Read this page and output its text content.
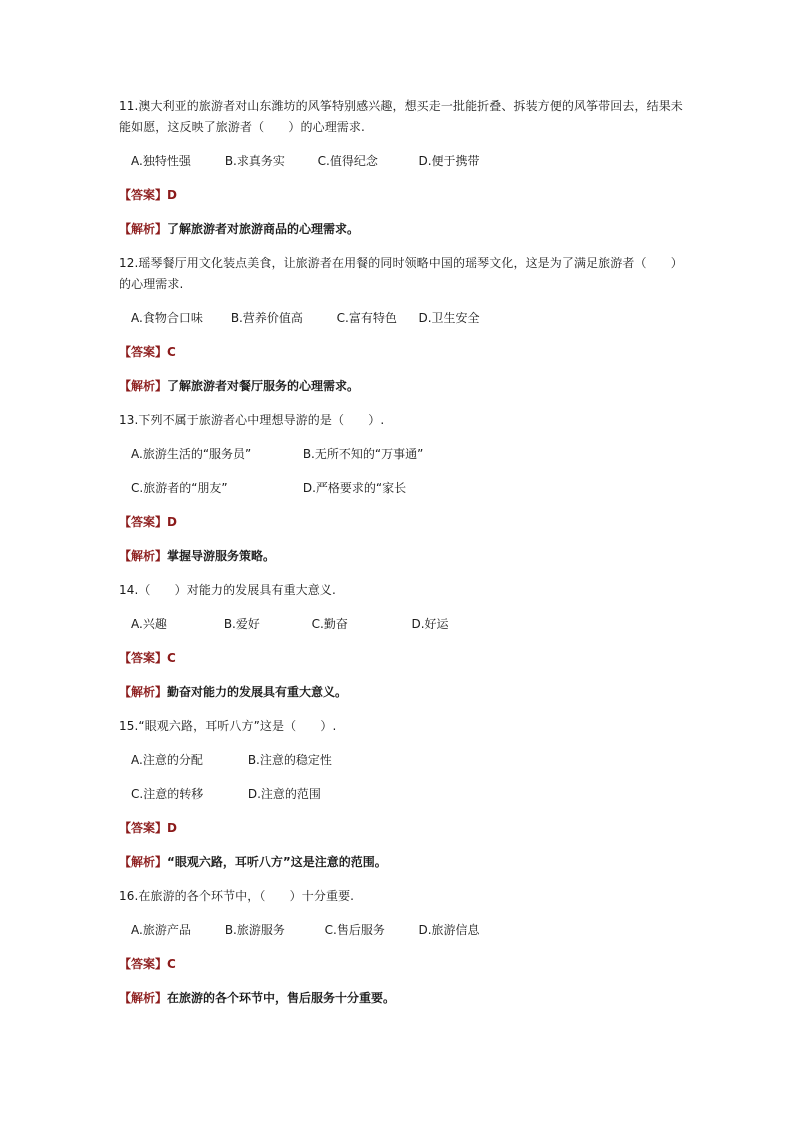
11.澳大利亚的旅游者对山东潍坊的风筝特别感兴趣，想买走一批能折叠、拆装方便的风筝带回去，结果未能如愿，这反映了旅游者（　　）的心理需求.

A.独特性强	B.求真务实	C.值得纪念	D.便于携带

【答案】D

【解析】了解旅游者对旅游商品的心理需求。

12.瑶琴餐厅用文化装点美食，让旅游者在用餐的同时领略中国的瑶琴文化，这是为了满足旅游者（　　）的心理需求.

A.食物合口味 B.营养价值高	C.富有特色 D.卫生安全

【答案】C

【解析】了解旅游者对餐厅服务的心理需求。

13.下列不属于旅游者心中理想导游的是（　　）.

A.旅游生活的“服务员”	B.无所不知的“万事通”
C.旅游者的“朋友”	D.严格要求的“家长

【答案】D

【解析】掌握导游服务策略。

14.（　　）对能力的发展具有重大意义.

A.兴趣	B.爱好	C.勤奋	D.好运

【答案】C

【解析】勤奋对能力的发展具有重大意义。

15.“眼观六路，耳听八方”这是（　　）.

A.注意的分配	B.注意的稳定性
C.注意的转移	D.注意的范围

【答案】D

【解析】“眼观六路，耳听八方”这是注意的范围。

16.在旅游的各个环节中，（　　）十分重要.

A.旅游产品	B.旅游服务	C.售后服务	D.旅游信息

【答案】C

【解析】在旅游的各个环节中，售后服务十分重要。
